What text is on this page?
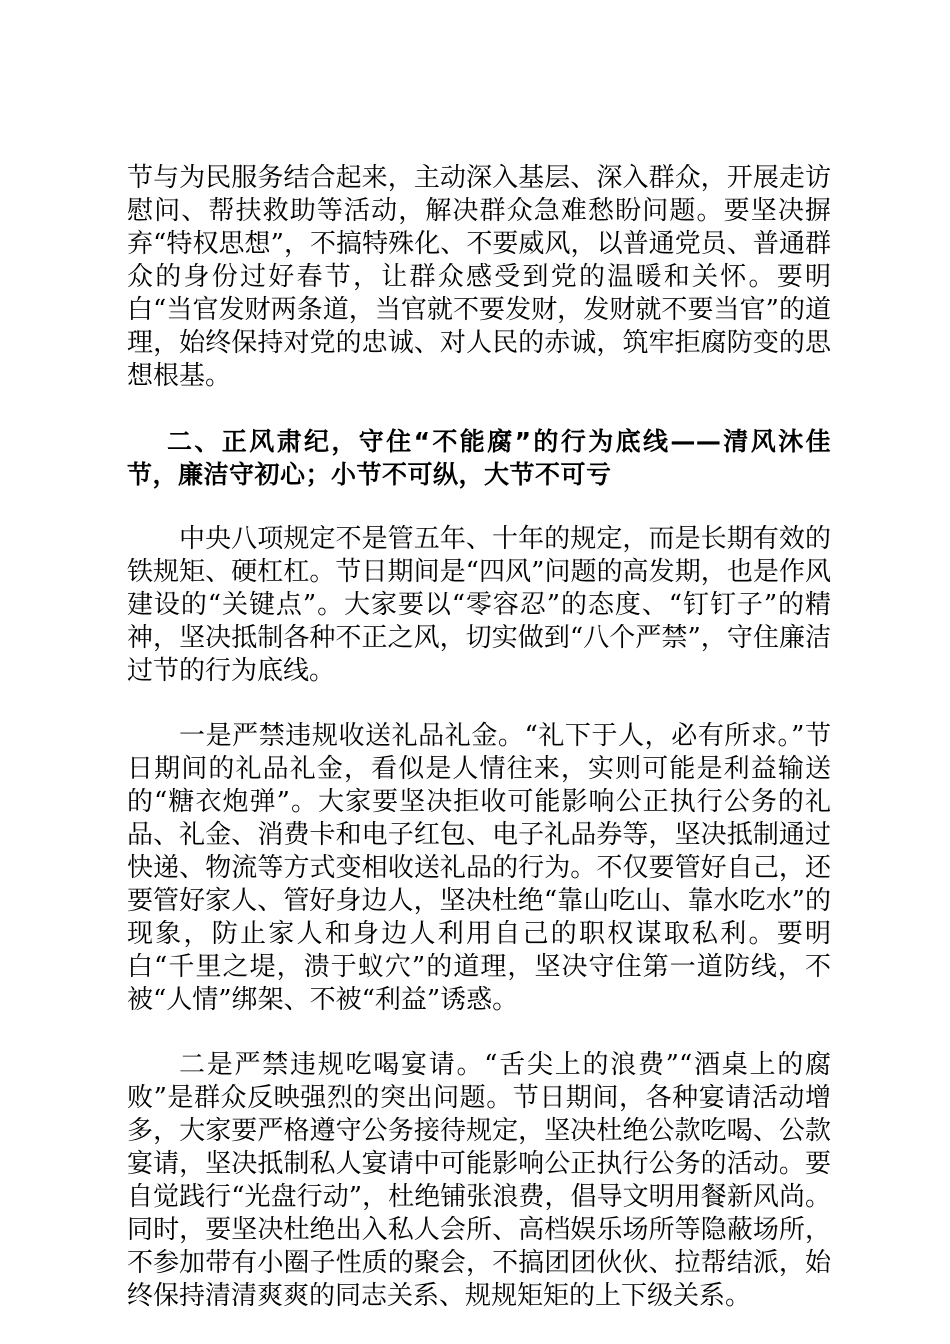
节与为民服务结合起来，主动深入基层、深入群众，开展走访慰问、帮扶救助等活动，解决群众急难愁盼问题。要坚决摒弃“特权思想”，不搞特殊化、不要威风，以普通党员、普通群众的身份过好春节，让群众感受到党的温暖和关怀。要明白“当官发财两条道，当官就不要发财，发财就不要当官”的道理，始终保持对党的忠诚、对人民的赤诚，筑牢拒腐防变的思想根基。

二、正风肃纪，守住“不能腐”的行为底线——清风沐佳节，廉洁守初心；小节不可纵，大节不可亏

中央八项规定不是管五年、十年的规定，而是长期有效的铁规矩、硬杠杠。节日期间是“四风”问题的高发期，也是作风建设的“关键点”。大家要以“零容忍”的态度、“钉钉子”的精神，坚决抵制各种不正之风，切实做到“八个严禁”，守住廉洁过节的行为底线。

一是严禁违规收送礼品礼金。“礼下于人，必有所求。”节日期间的礼品礼金，看似是人情往来，实则可能是利益输送的“糖衣炮弹”。大家要坚决拒收可能影响公正执行公务的礼品、礼金、消费卡和电子红包、电子礼品券等，坚决抵制通过快递、物流等方式变相收送礼品的行为。不仅要管好自己，还要管好家人、管好身边人，坚决杜绝“靠山吃山、靠水吃水”的现象，防止家人和身边人利用自己的职权谋取私利。要明白“千里之堤，溃于蚁穴”的道理，坚决守住第一道防线，不被“人情”绑架、不被“利益”诱惑。

二是严禁违规吃喝宴请。“舌尖上的浪费”“酒桌上的腐败”是群众反映强烈的突出问题。节日期间，各种宴请活动增多，大家要严格遵守公务接待规定，坚决杜绝公款吃喝、公款宴请，坚决抵制私人宴请中可能影响公正执行公务的活动。要自觉践行“光盘行动”，杜绝铺张浪费，倡导文明用餐新风尚。同时，要坚决杜绝出入私人会所、高档娱乐场所等隐蔽场所，不参加带有小圈子性质的聚会，不搞团团伙伙、拉帮结派，始终保持清清爽爽的同志关系、规规矩矩的上下级关系。
